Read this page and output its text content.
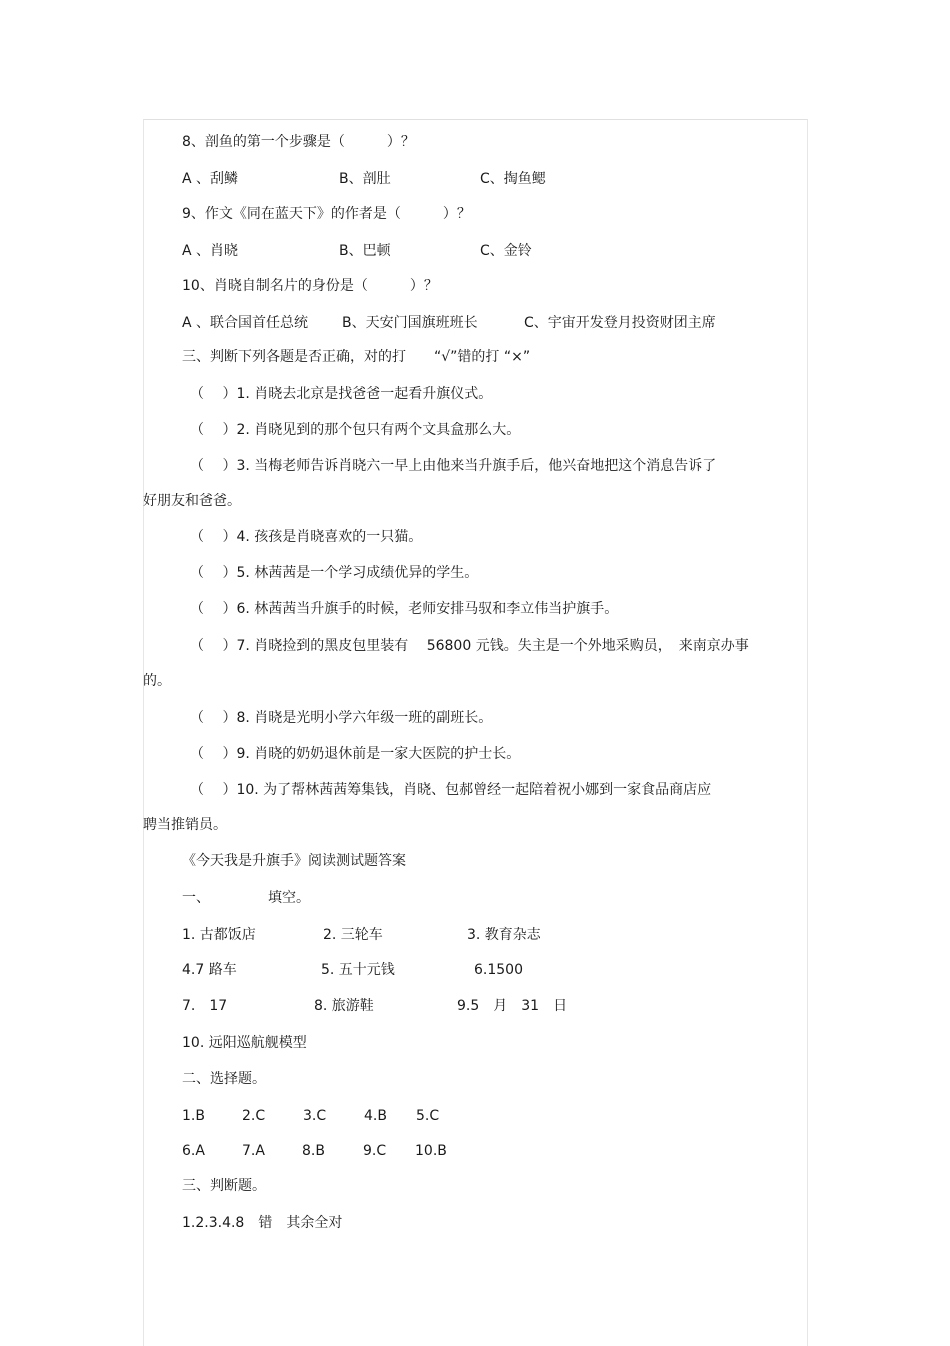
8、剖鱼的第一个步骤是（　　　）？
A 、刮鳞	B、剖肚	C、掏鱼鳃
9、作文《同在蓝天下》的作者是（　　　）？
A 、肖晓	B、巴顿	C、金铃
10、肖晓自制名片的身份是（　　　）？
A 、联合国首任总统 B、天安门国旗班班长	C、宇宙开发登月投资财团主席
三、判断下列各题是否正确，对的打　　“√”错的打 “×”
（　 ）1. 肖晓去北京是找爸爸一起看升旗仪式。
（　 ）2. 肖晓见到的那个包只有两个文具盒那么大。
（　 ）3. 当梅老师告诉肖晓六一早上由他来当升旗手后，他兴奋地把这个消息告诉了
好朋友和爸爸。
（　 ）4. 孩孩是肖晓喜欢的一只猫。
（　 ）5. 林茜茜是一个学习成绩优异的学生。
（　 ）6. 林茜茜当升旗手的时候，老师安排马驭和李立伟当护旗手。
（　 ）7. 肖晓捡到的黑皮包里装有　 56800 元钱。失主是一个外地采购员，　来南京办事
的。
（　 ）8. 肖晓是光明小学六年级一班的副班长。
（　 ）9. 肖晓的奶奶退休前是一家大医院的护士长。
（　 ）10. 为了帮林茜茜筹集钱，肖晓、包郝曾经一起陪着祝小娜到一家食品商店应
聘当推销员。
《今天我是升旗手》阅读测试题答案
一、	填空。
1. 古都饭店	2. 三轮车	3. 教育杂志
4.7 路车	5. 五十元钱	6.1500
7.　17	8. 旅游鞋	9.5　月　31　日
10. 远阳巡航舰模型
二、选择题。
1.B	2.C	3.C	4.B 5.C
6.A	7.A	8.B	9.C 10.B
三、判断题。
1.2.3.4.8　错　其余全对
